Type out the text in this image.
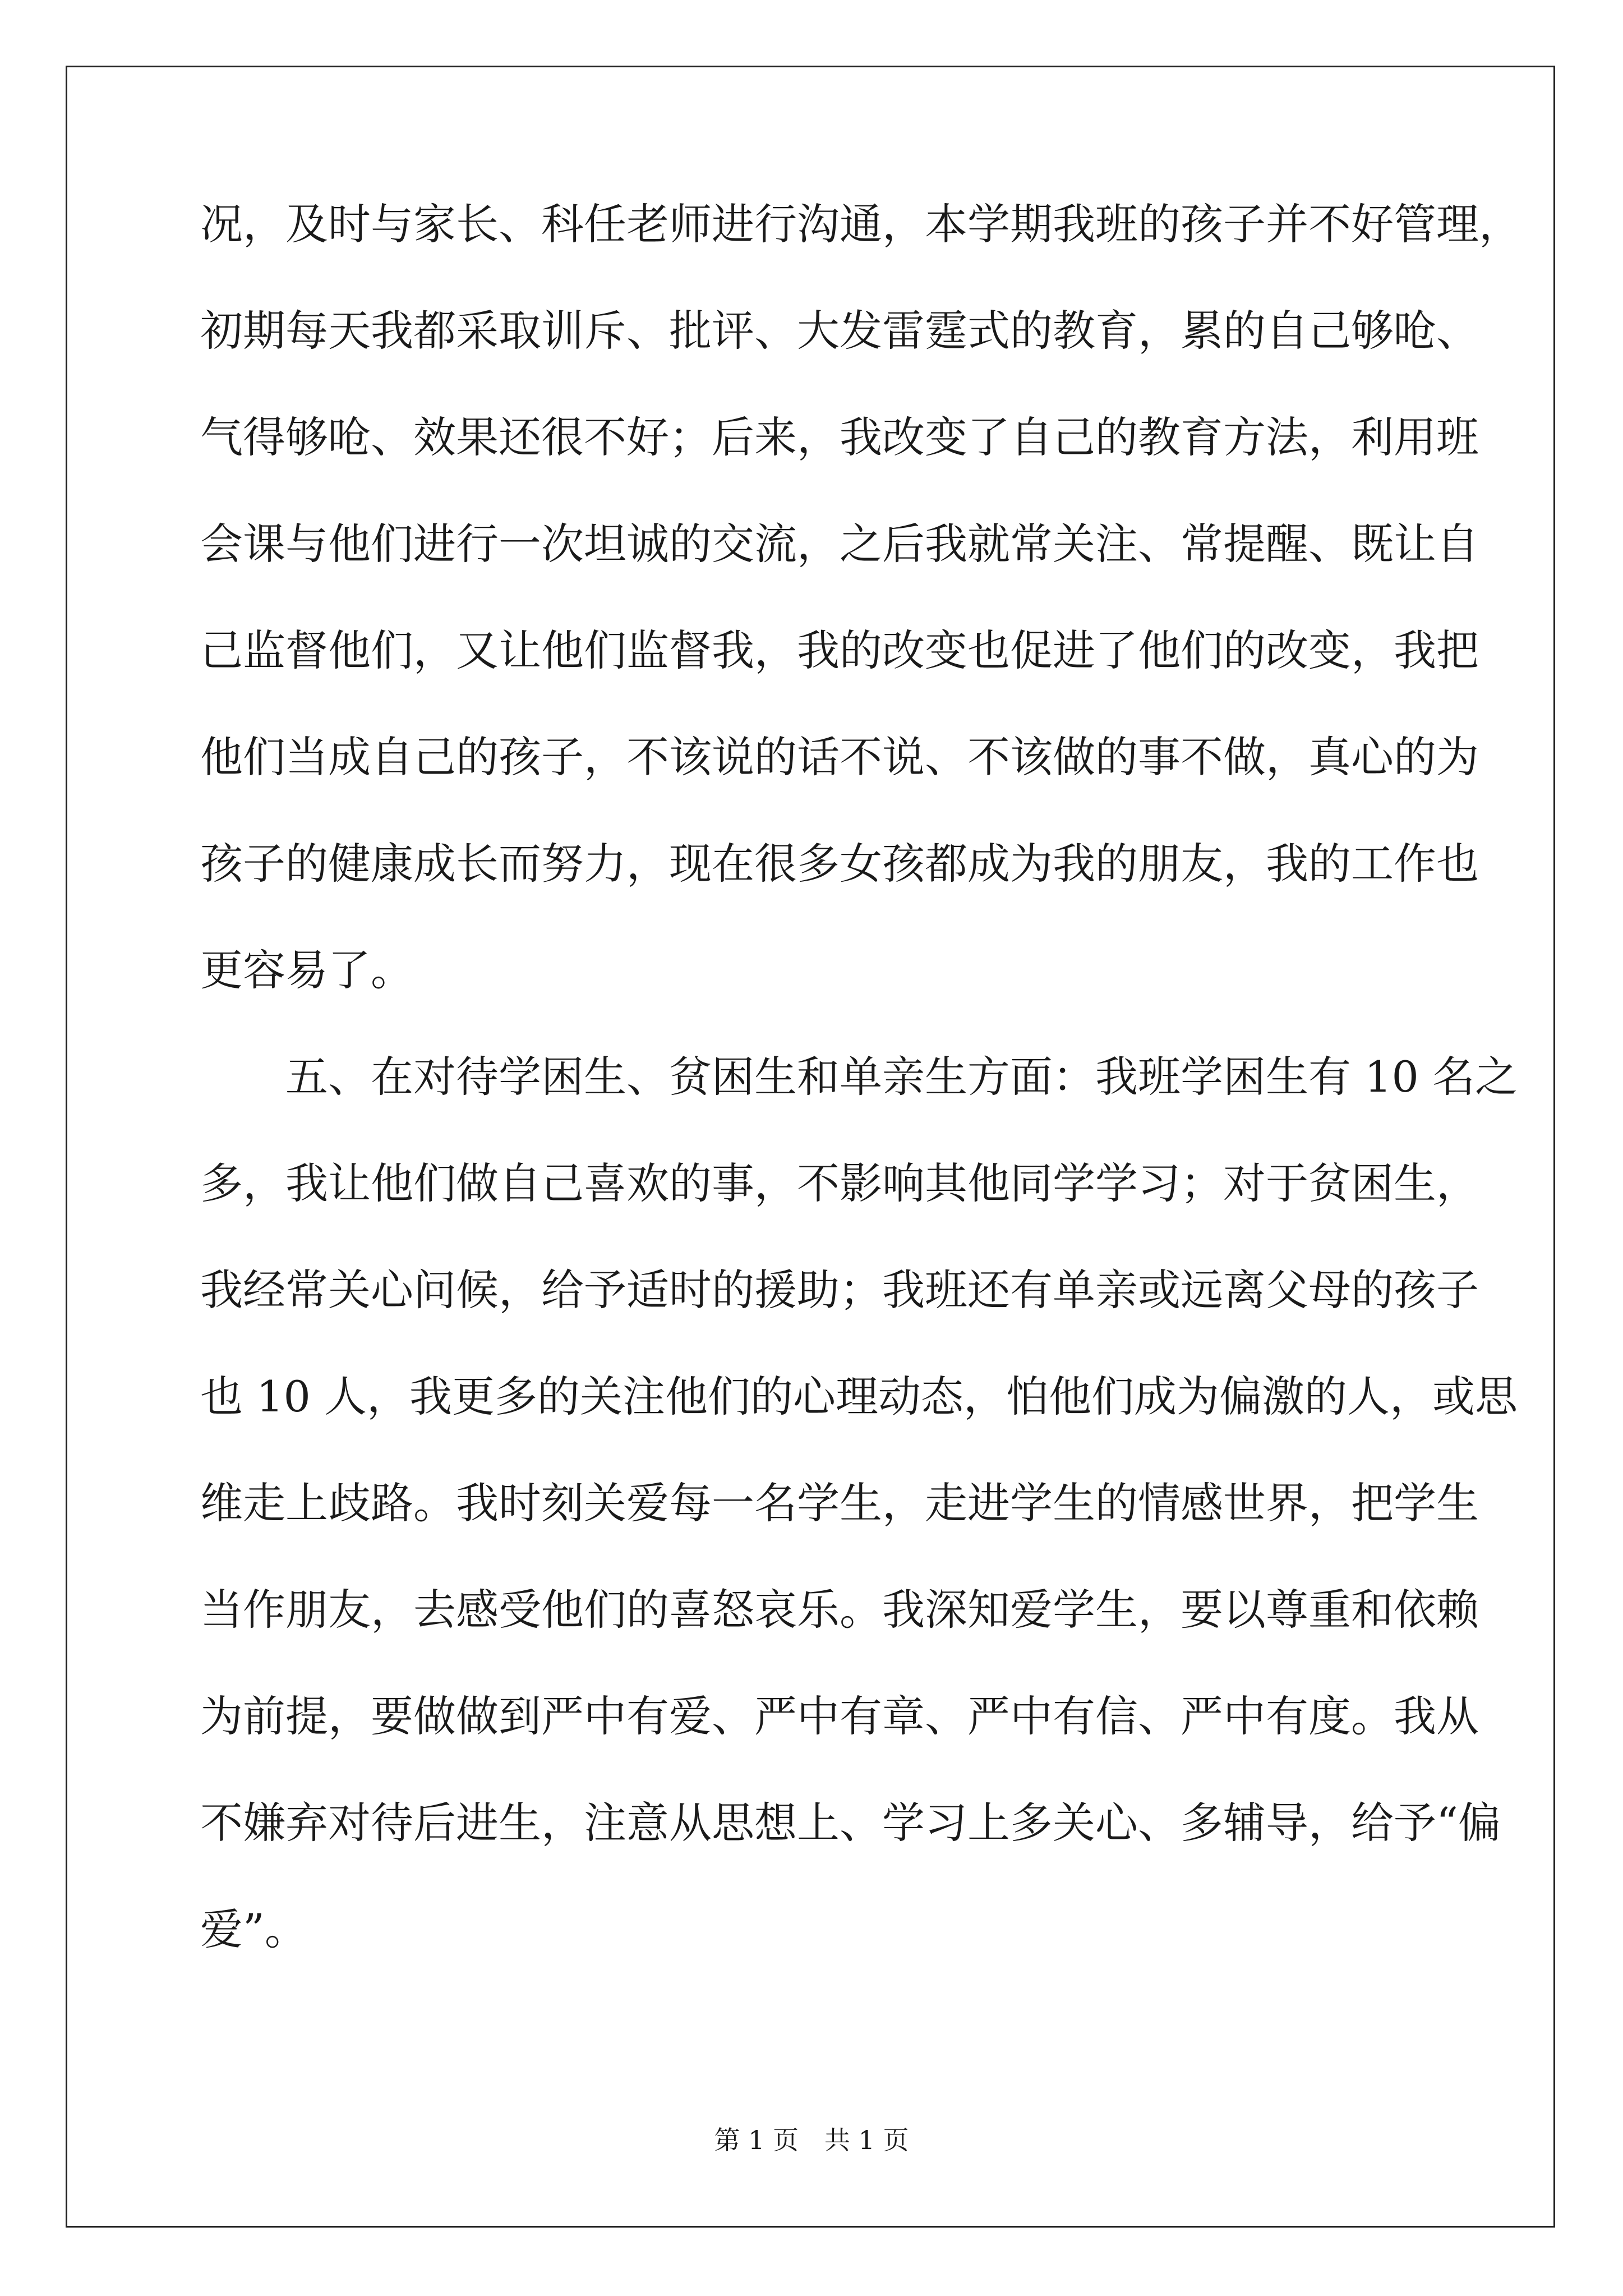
况，及时与家长、科任老师进行沟通，本学期我班的孩子并不好管理，
初期每天我都采取训斥、批评、大发雷霆式的教育，累的自己够呛、
气得够呛、效果还很不好；后来，我改变了自己的教育方法，利用班
会课与他们进行一次坦诚的交流，之后我就常关注、常提醒、既让自
己监督他们，又让他们监督我，我的改变也促进了他们的改变，我把
他们当成自己的孩子，不该说的话不说、不该做的事不做，真心的为
孩子的健康成长而努力，现在很多女孩都成为我的朋友，我的工作也
更容易了。
五、在对待学困生、贫困生和单亲生方面：我班学困生有 10 名之
多，我让他们做自己喜欢的事，不影响其他同学学习；对于贫困生，
我经常关心问候，给予适时的援助；我班还有单亲或远离父母的孩子
也 10 人，我更多的关注他们的心理动态，怕他们成为偏激的人，或思
维走上歧路。我时刻关爱每一名学生，走进学生的情感世界，把学生
当作朋友，去感受他们的喜怒哀乐。我深知爱学生，要以尊重和依赖
为前提，要做做到严中有爱、严中有章、严中有信、严中有度。我从
不嫌弃对待后进生，注意从思想上、学习上多关心、多辅导，给予“偏
爱”。
第 1 页　共 1 页
